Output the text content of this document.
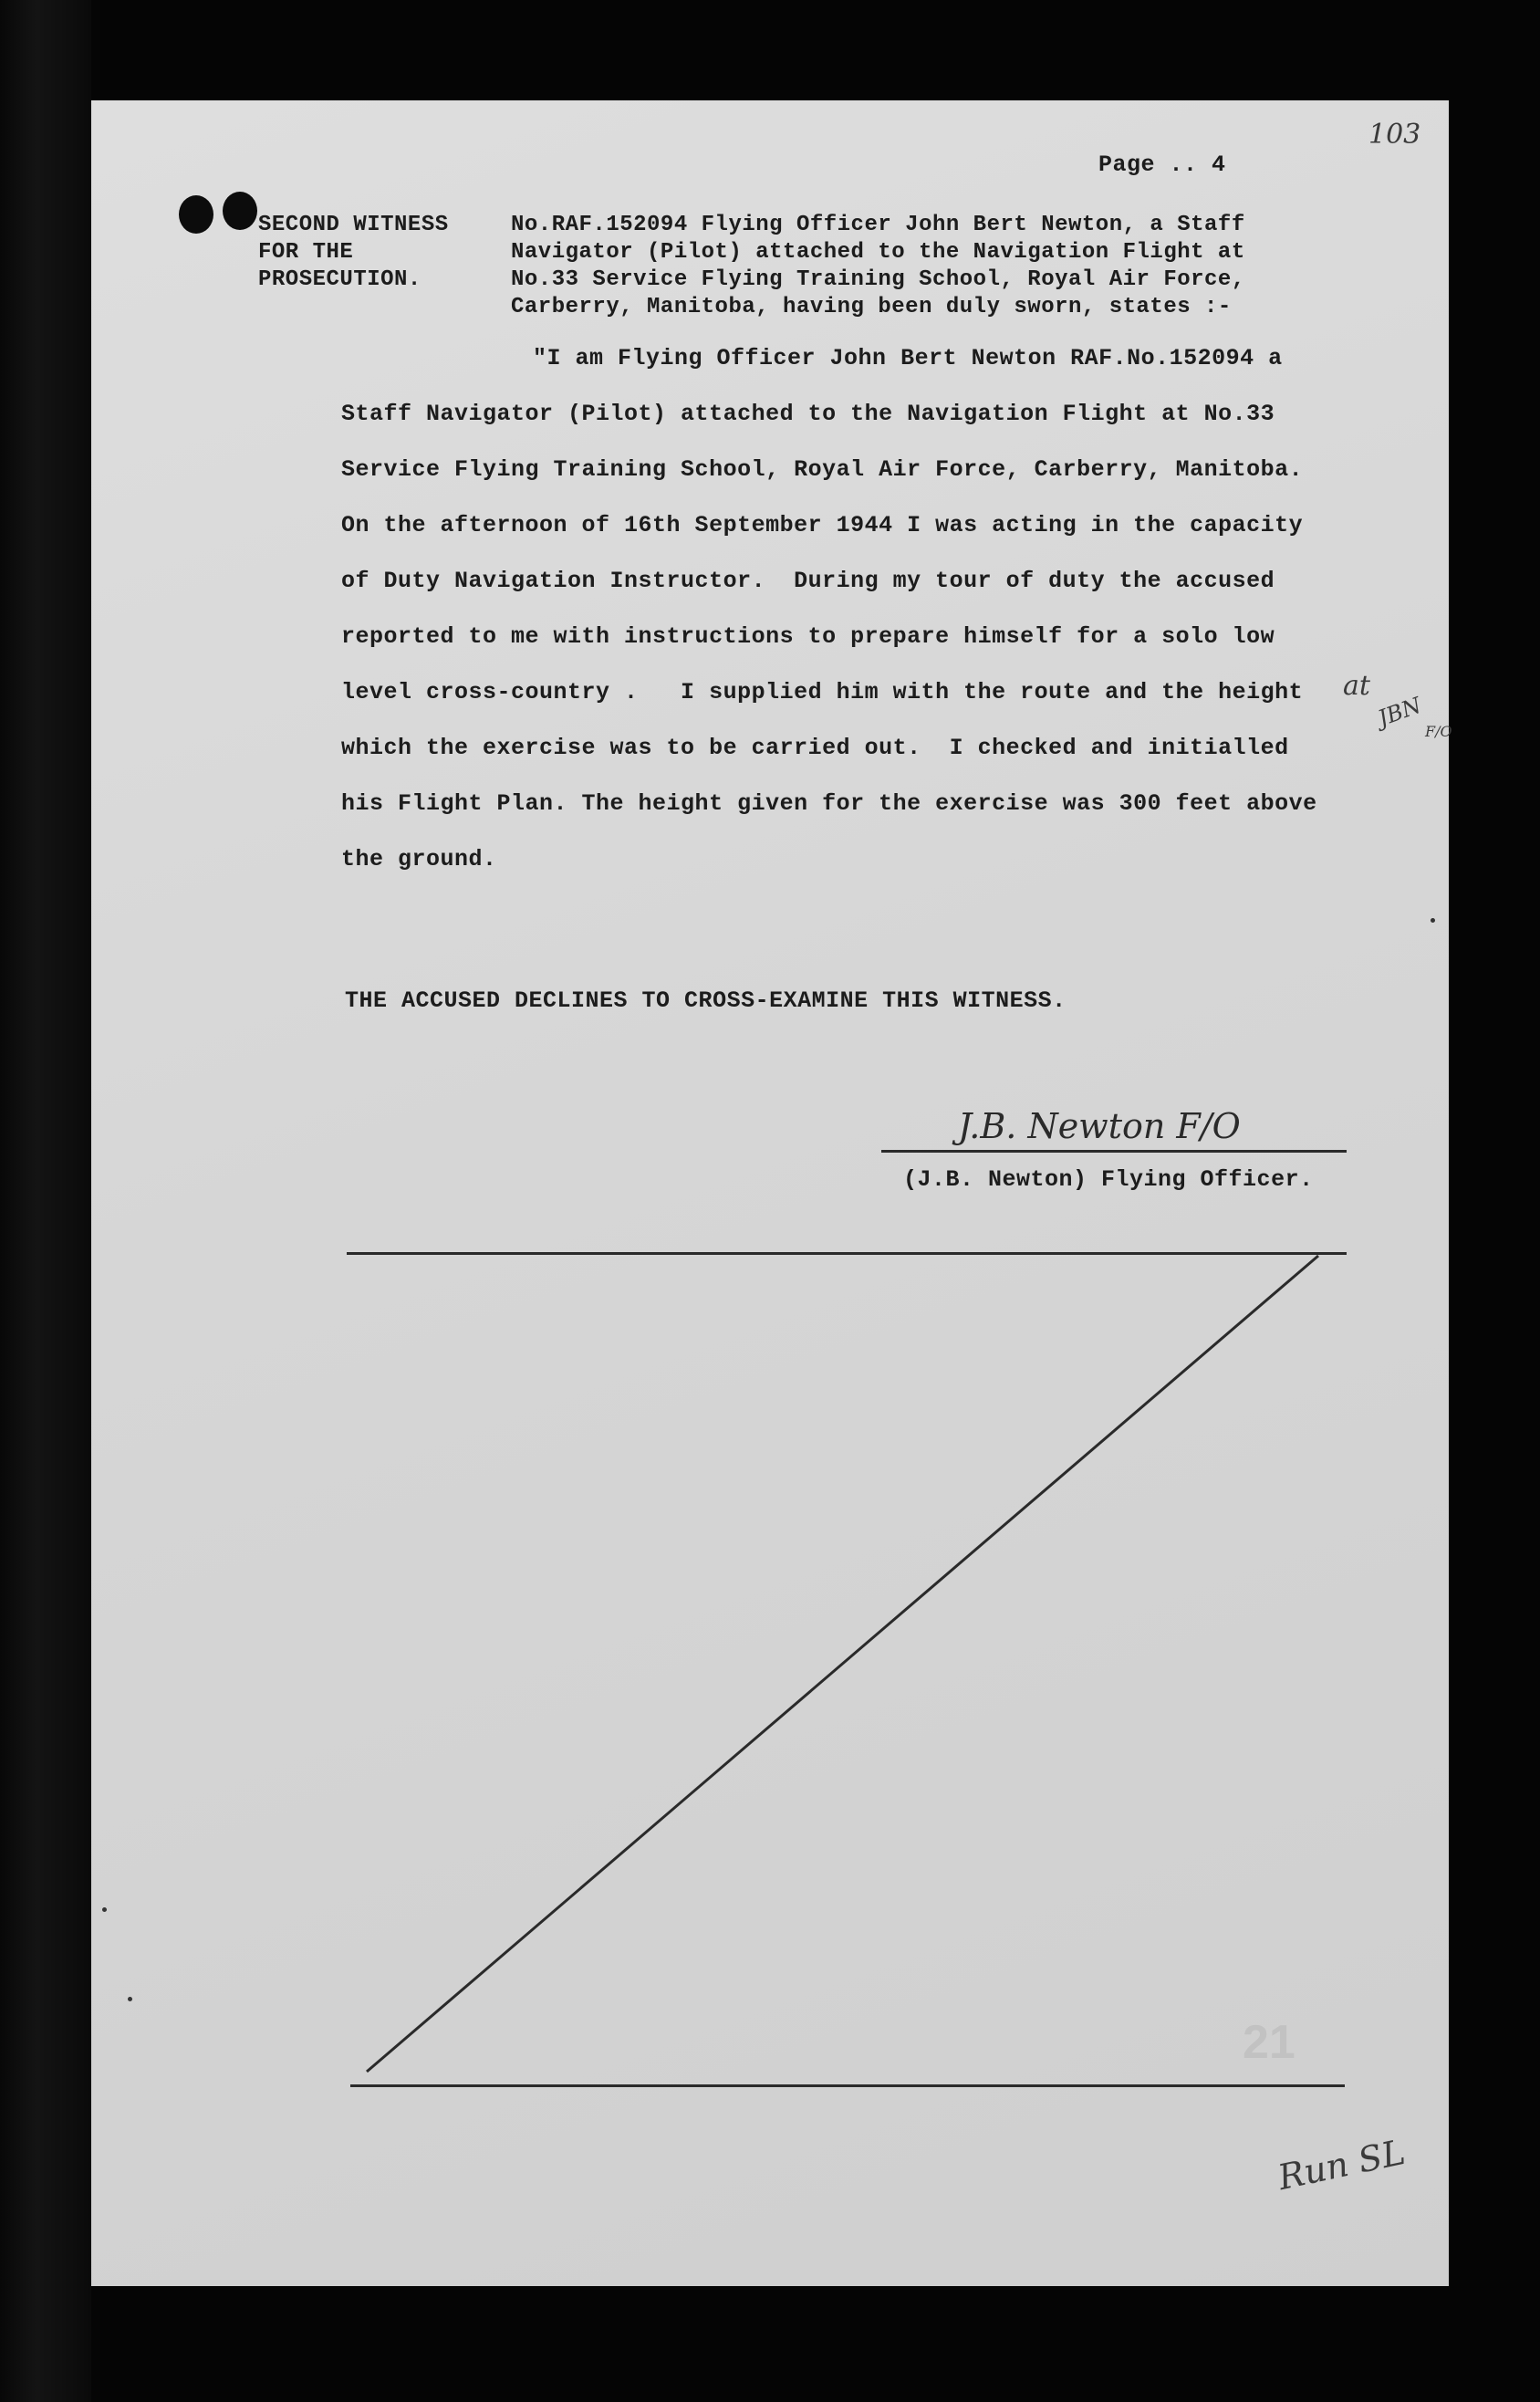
103
Page .. 4
SECOND WITNESS
FOR THE
PROSECUTION.
No.RAF.152094 Flying Officer John Bert Newton, a Staff
Navigator (Pilot) attached to the Navigation Flight at
No.33 Service Flying Training School, Royal Air Force,
Carberry, Manitoba, having been duly sworn, states :-
"I am Flying Officer John Bert Newton RAF.No.152094 a
Staff Navigator (Pilot) attached to the Navigation Flight at No.33
Service Flying Training School, Royal Air Force, Carberry, Manitoba.
On the afternoon of 16th September 1944 I was acting in the capacity
of Duty Navigation Instructor.  During my tour of duty the accused
reported to me with instructions to prepare himself for a solo low
level cross-country .   I supplied him with the route and the height
which the exercise was to be carried out.  I checked and initialled
his Flight Plan. The height given for the exercise was 300 feet above
the ground.
at
JBN
F/O
THE ACCUSED DECLINES TO CROSS-EXAMINE THIS WITNESS.
J.B. Newton F/O
(J.B. Newton) Flying Officer.
21
Run SL
